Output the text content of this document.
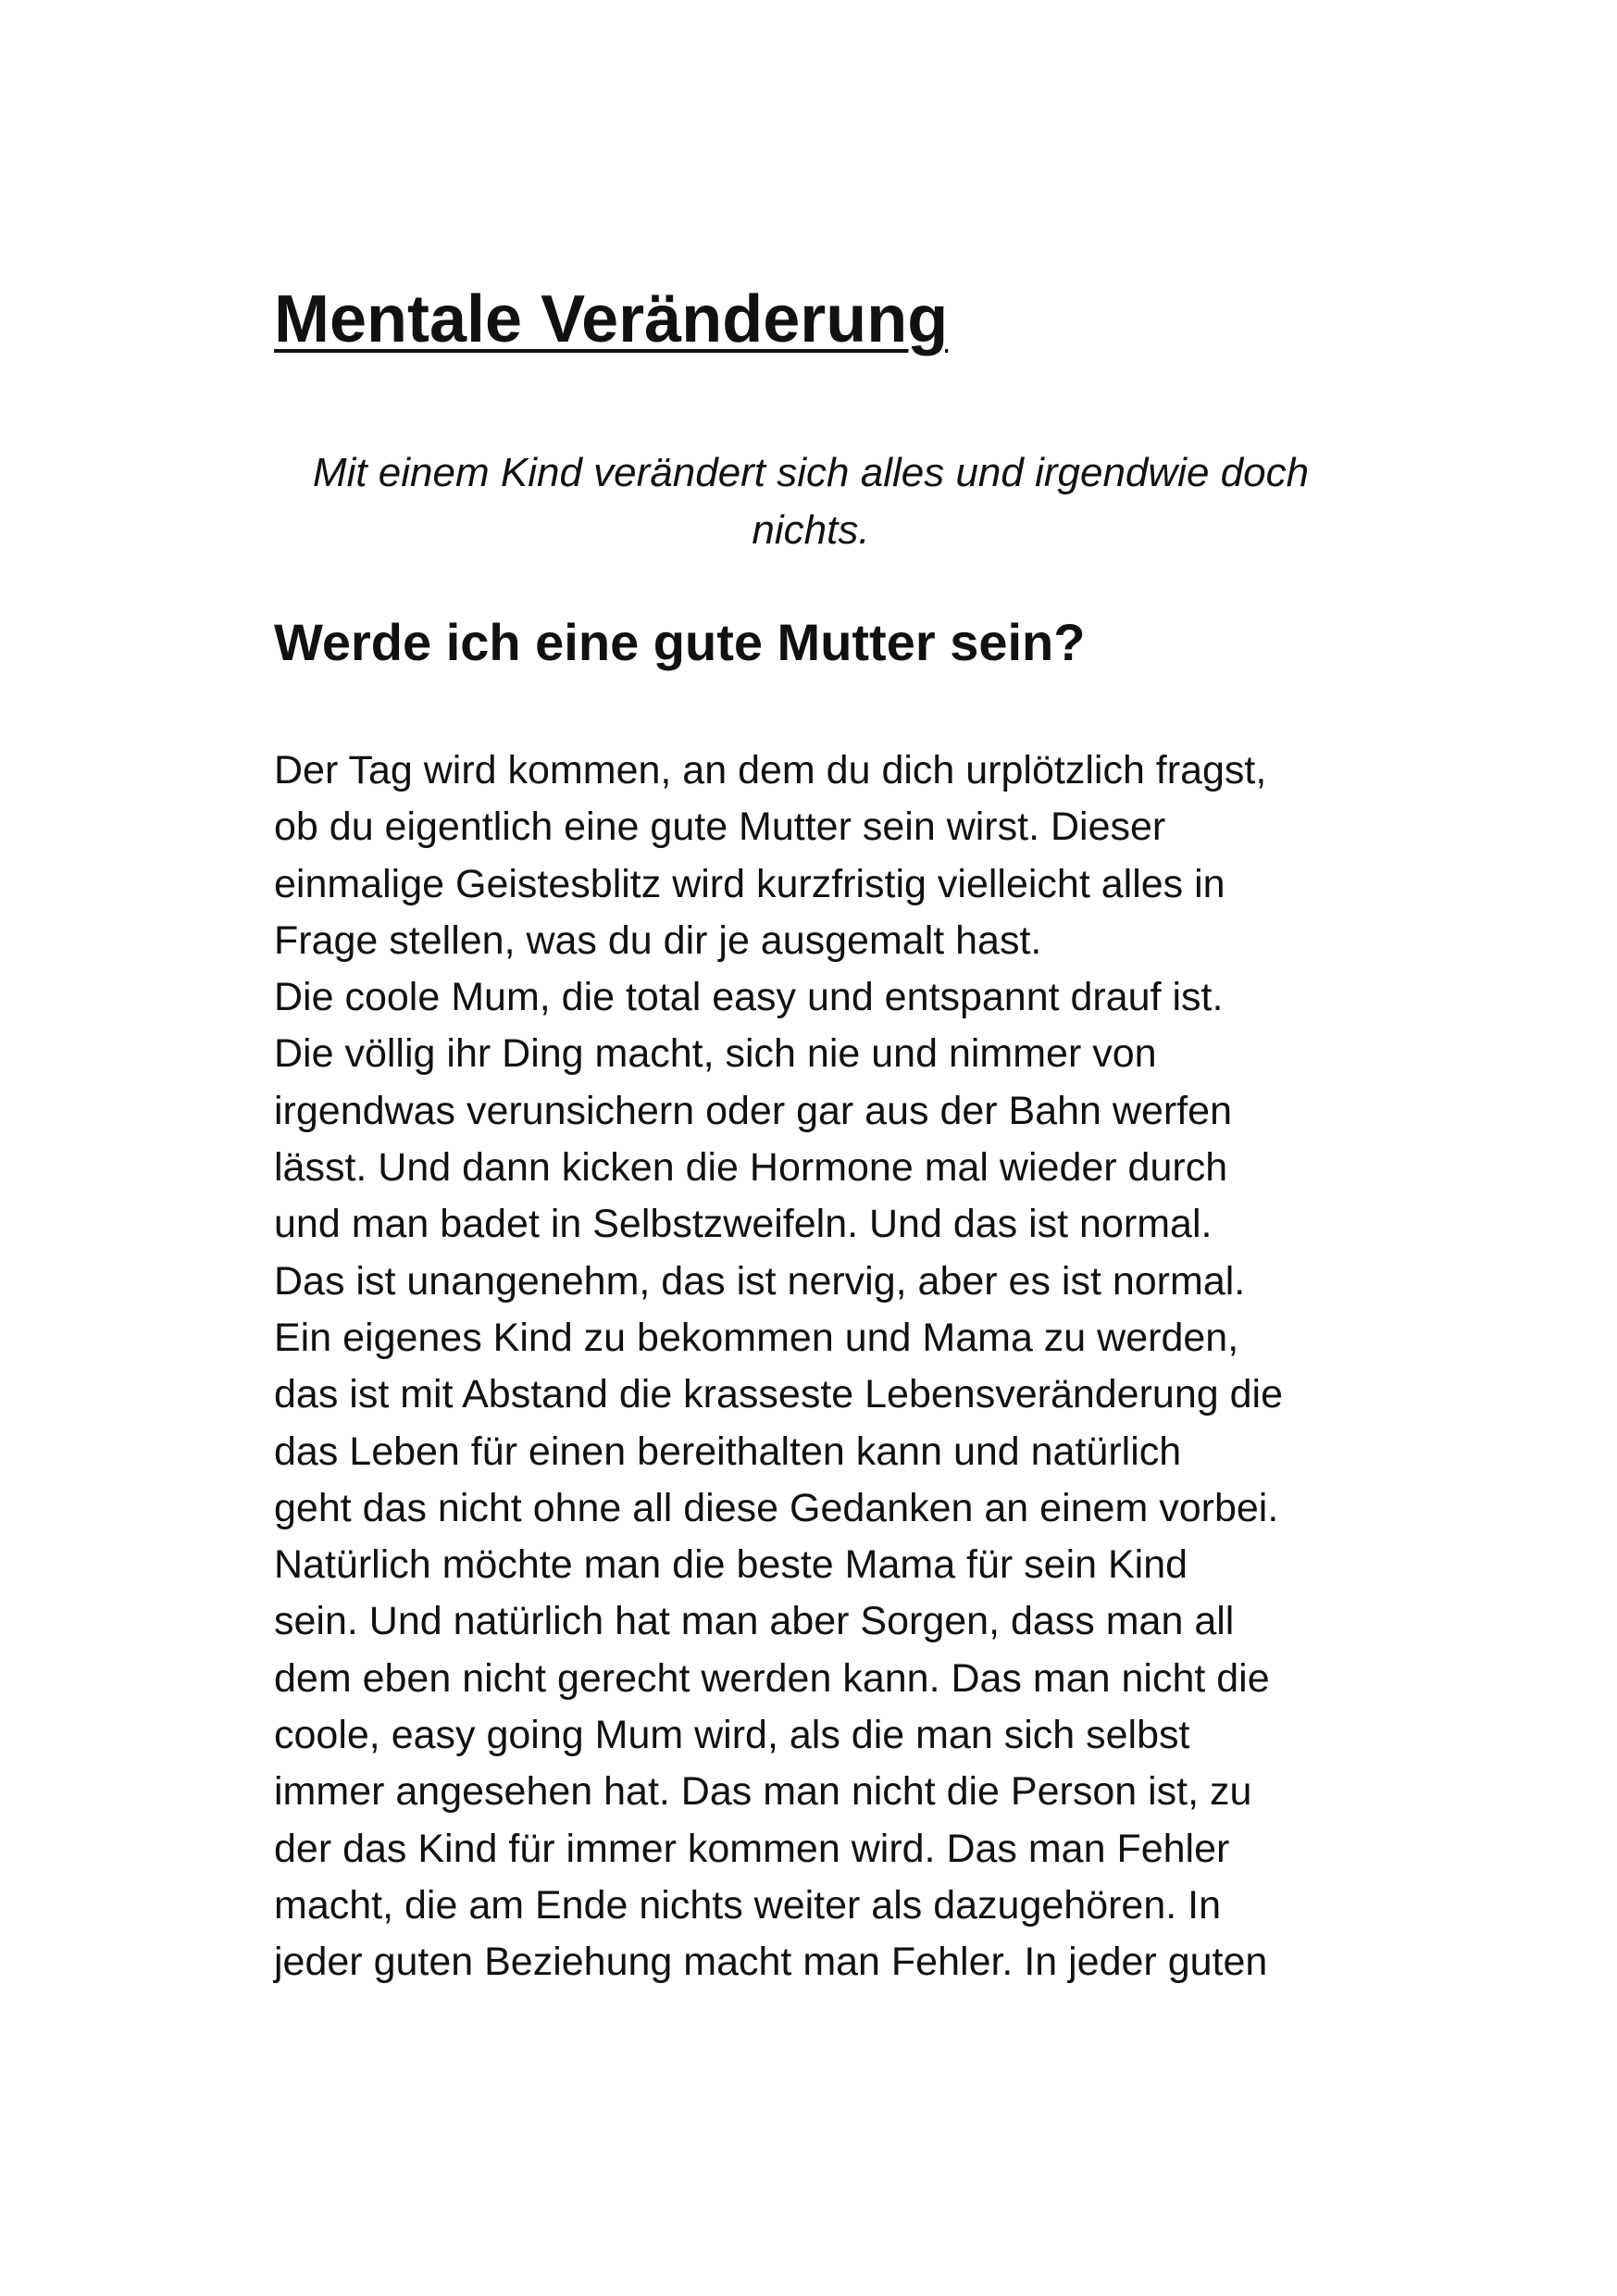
Mentale Veränderung

Mit einem Kind verändert sich alles und irgendwie doch nichts.

Werde ich eine gute Mutter sein?
Der Tag wird kommen, an dem du dich urplötzlich fragst,
ob du eigentlich eine gute Mutter sein wirst. Dieser
einmalige Geistesblitz wird kurzfristig vielleicht alles in
Frage stellen, was du dir je ausgemalt hast.
Die coole Mum, die total easy und entspannt drauf ist.
Die völlig ihr Ding macht, sich nie und nimmer von
irgendwas verunsichern oder gar aus der Bahn werfen
lässt. Und dann kicken die Hormone mal wieder durch
und man badet in Selbstzweifeln. Und das ist normal.
Das ist unangenehm, das ist nervig, aber es ist normal.
Ein eigenes Kind zu bekommen und Mama zu werden,
das ist mit Abstand die krasseste Lebensveränderung die
das Leben für einen bereithalten kann und natürlich
geht das nicht ohne all diese Gedanken an einem vorbei.
Natürlich möchte man die beste Mama für sein Kind
sein. Und natürlich hat man aber Sorgen, dass man all
dem eben nicht gerecht werden kann. Das man nicht die
coole, easy going Mum wird, als die man sich selbst
immer angesehen hat. Das man nicht die Person ist, zu
der das Kind für immer kommen wird. Das man Fehler
macht, die am Ende nichts weiter als dazugehören. In
jeder guten Beziehung macht man Fehler. In jeder guten
